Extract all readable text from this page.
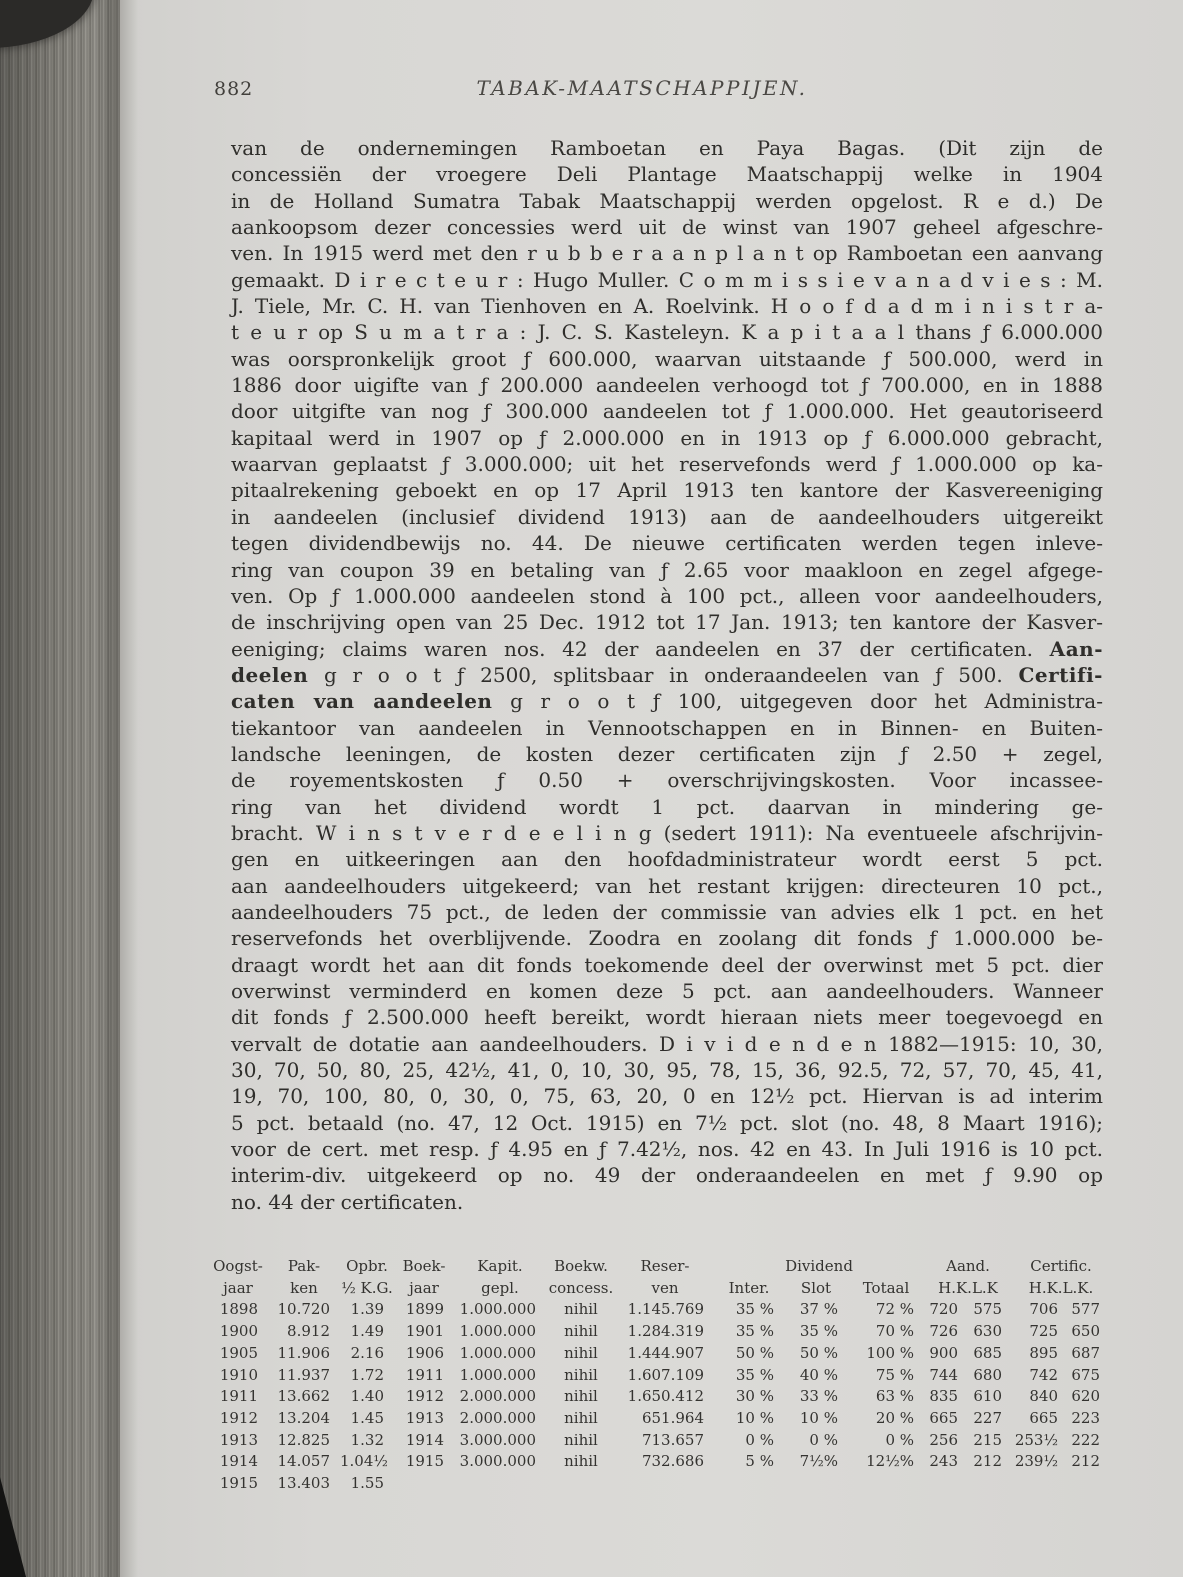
882	TABAK-MAATSCHAPPIJEN.
van de ondernemingen Ramboetan en Paya Bagas. (Dit zijn de
concessiën der vroegere Deli Plantage Maatschappij welke in 1904
in de Holland Sumatra Tabak Maatschappij werden opgelost. R e d.) De
aankoopsom dezer concessies werd uit de winst van 1907 geheel afgeschre-
ven. In 1915 werd met den r u b b e r a a n p l a n t op Ramboetan een aanvang
gemaakt. D i r e c t e u r : Hugo Muller. C o m m i s s i e v a n a d v i e s : M.
J. Tiele, Mr. C. H. van Tienhoven en A. Roelvink. H o o f d a d m i n i s t r a-
t e u r op S u m a t r a : J. C. S. Kasteleyn. K a p i t a a l thans ƒ 6.000.000
was oorspronkelijk groot ƒ 600.000, waarvan uitstaande ƒ 500.000, werd in
1886 door uigifte van ƒ 200.000 aandeelen verhoogd tot ƒ 700.000, en in 1888
door uitgifte van nog ƒ 300.000 aandeelen tot ƒ 1.000.000. Het geautoriseerd
kapitaal werd in 1907 op ƒ 2.000.000 en in 1913 op ƒ 6.000.000 gebracht,
waarvan geplaatst ƒ 3.000.000; uit het reservefonds werd ƒ 1.000.000 op ka-
pitaalrekening geboekt en op 17 April 1913 ten kantore der Kasvereeniging
in aandeelen (inclusief dividend 1913) aan de aandeelhouders uitgereikt
tegen dividendbewijs no. 44. De nieuwe certificaten werden tegen inleve-
ring van coupon 39 en betaling van ƒ 2.65 voor maakloon en zegel afgege-
ven. Op ƒ 1.000.000 aandeelen stond à 100 pct., alleen voor aandeelhouders,
de inschrijving open van 25 Dec. 1912 tot 17 Jan. 1913; ten kantore der Kasver-
eeniging; claims waren nos. 42 der aandeelen en 37 der certificaten. Aan-
deelen g r o o t ƒ 2500, splitsbaar in onderaandeelen van ƒ 500. Certifi-
caten van aandeelen g r o o t ƒ 100, uitgegeven door het Administra-
tiekantoor van aandeelen in Vennootschappen en in Binnen- en Buiten-
landsche leeningen, de kosten dezer certificaten zijn ƒ 2.50 + zegel,
de royementskosten ƒ 0.50 + overschrijvingskosten. Voor incassee-
ring van het dividend wordt 1 pct. daarvan in mindering ge-
bracht. W i n s t v e r d e e l i n g (sedert 1911): Na eventueele afschrijvin-
gen en uitkeeringen aan den hoofdadministrateur wordt eerst 5 pct.
aan aandeelhouders uitgekeerd; van het restant krijgen: directeuren 10 pct.,
aandeelhouders 75 pct., de leden der commissie van advies elk 1 pct. en het
reservefonds het overblijvende. Zoodra en zoolang dit fonds ƒ 1.000.000 be-
draagt wordt het aan dit fonds toekomende deel der overwinst met 5 pct. dier
overwinst verminderd en komen deze 5 pct. aan aandeelhouders. Wanneer
dit fonds ƒ 2.500.000 heeft bereikt, wordt hieraan niets meer toegevoegd en
vervalt de dotatie aan aandeelhouders. D i v i d e n d e n 1882—1915: 10, 30,
30, 70, 50, 80, 25, 42½, 41, 0, 10, 30, 95, 78, 15, 36, 92.5, 72, 57, 70, 45, 41,
19, 70, 100, 80, 0, 30, 0, 75, 63, 20, 0 en 12½ pct. Hiervan is ad interim
5 pct. betaald (no. 47, 12 Oct. 1915) en 7½ pct. slot (no. 48, 8 Maart 1916);
voor de cert. met resp. ƒ 4.95 en ƒ 7.42½, nos. 42 en 43. In Juli 1916 is 10 pct.
interim-div. uitgekeerd op no. 49 der onderaandeelen en met ƒ 9.90 op
no. 44 der certificaten.
Oogst-	Pak-	Opbr.	Boek-	Kapit.	Boekw.	Reser-	Dividend			Aand.		Certific.	
jaar	ken	½ K.G.	jaar	gepl.	concess.	ven	Inter.	Slot	Totaal	H.K.L.K		H.K.L.K.	
1898	10.720	1.39	1899	1.000.000	nihil	1.145.769	35 %	37 %	72 %	720	575	706	577
1900	8.912	1.49	1901	1.000.000	nihil	1.284.319	35 %	35 %	70 %	726	630	725	650
1905	11.906	2.16	1906	1.000.000	nihil	1.444.907	50 %	50 %	100 %	900	685	895	687
1910	11.937	1.72	1911	1.000.000	nihil	1.607.109	35 %	40 %	75 %	744	680	742	675
1911	13.662	1.40	1912	2.000.000	nihil	1.650.412	30 %	33 %	63 %	835	610	840	620
1912	13.204	1.45	1913	2.000.000	nihil	651.964	10 %	10 %	20 %	665	227	665	223
1913	12.825	1.32	1914	3.000.000	nihil	713.657	0 %	0 %	0 %	256	215	253½	222
1914	14.057	1.04½	1915	3.000.000	nihil	732.686	5 %	7½%	12½%	243	212	239½	212
1915	13.403	1.55											
